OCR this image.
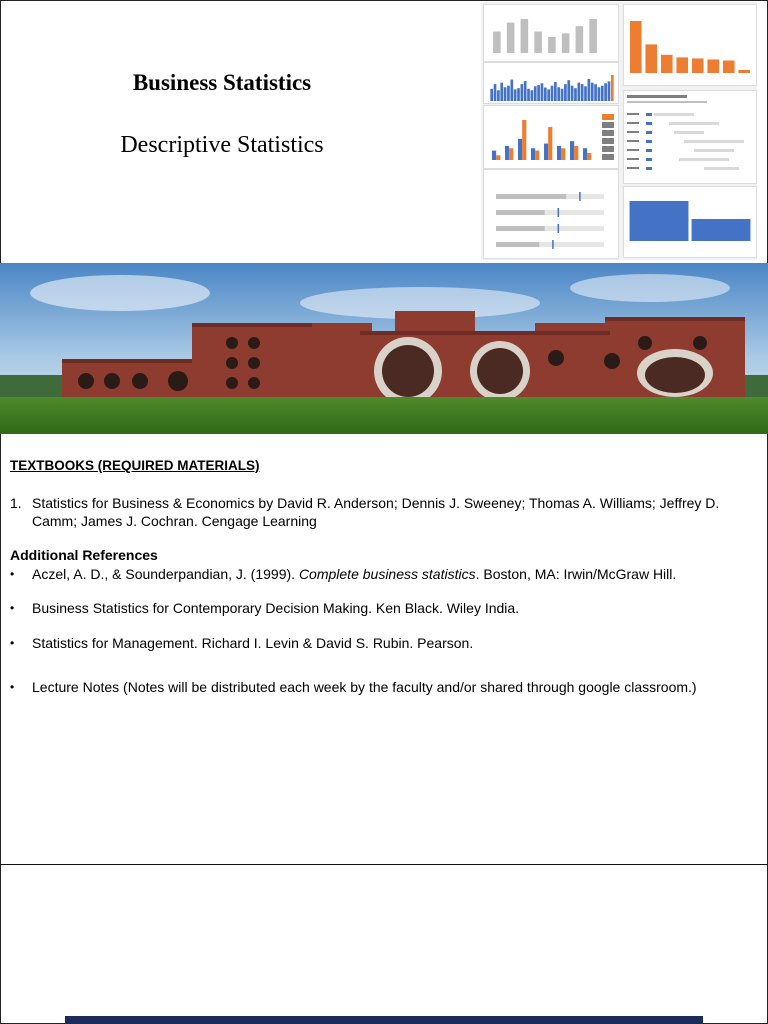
Business Statistics
Descriptive Statistics
TEXTBOOKS (REQUIRED MATERIALS)
1. Statistics for Business & Economics by David R. Anderson; Dennis J. Sweeney; Thomas A. Williams; Jeffrey D. Camm; James J. Cochran. Cengage Learning
Additional References
• Aczel, A. D., & Sounderpandian, J. (1999). Complete business statistics. Boston, MA: Irwin/McGraw Hill.
• Business Statistics for Contemporary Decision Making. Ken Black. Wiley India.
• Statistics for Management. Richard I. Levin & David S. Rubin. Pearson.
• Lecture Notes (Notes will be distributed each week by the faculty and/or shared through google classroom.)
